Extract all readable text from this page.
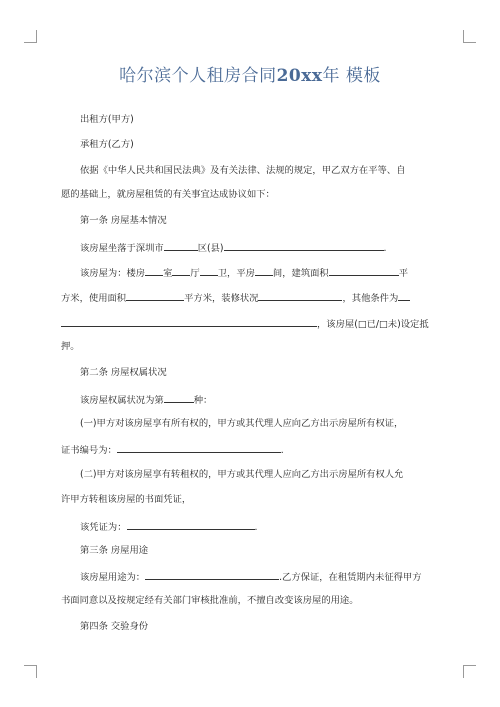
哈尔滨个人租房合同20xx年 模板
出租方(甲方)
承租方(乙方)
依据《中华人民共和国民法典》及有关法律、法规的规定，甲乙双方在平等、自
愿的基础上，就房屋租赁的有关事宜达成协议如下：
第一条 房屋基本情况
该房屋坐落于深圳市	区(县)	.
该房屋为：楼房 室 厅 卫，平房 间，建筑面积	平
方米，使用面积	平方米，装修状况	，其他条件为
，该房屋(□已/□未)设定抵
押。
第二条 房屋权属状况
该房屋权属状况为第	种：
(一)甲方对该房屋享有所有权的，甲方或其代理人应向乙方出示房屋所有权证，
证书编号为：	.
(二)甲方对该房屋享有转租权的，甲方或其代理人应向乙方出示房屋所有权人允
许甲方转租该房屋的书面凭证，
该凭证为：	.
第三条 房屋用途
该房屋用途为：	.乙方保证，在租赁期内未征得甲方
书面同意以及按规定经有关部门审核批准前，不擅自改变该房屋的用途。
第四条 交验身份
